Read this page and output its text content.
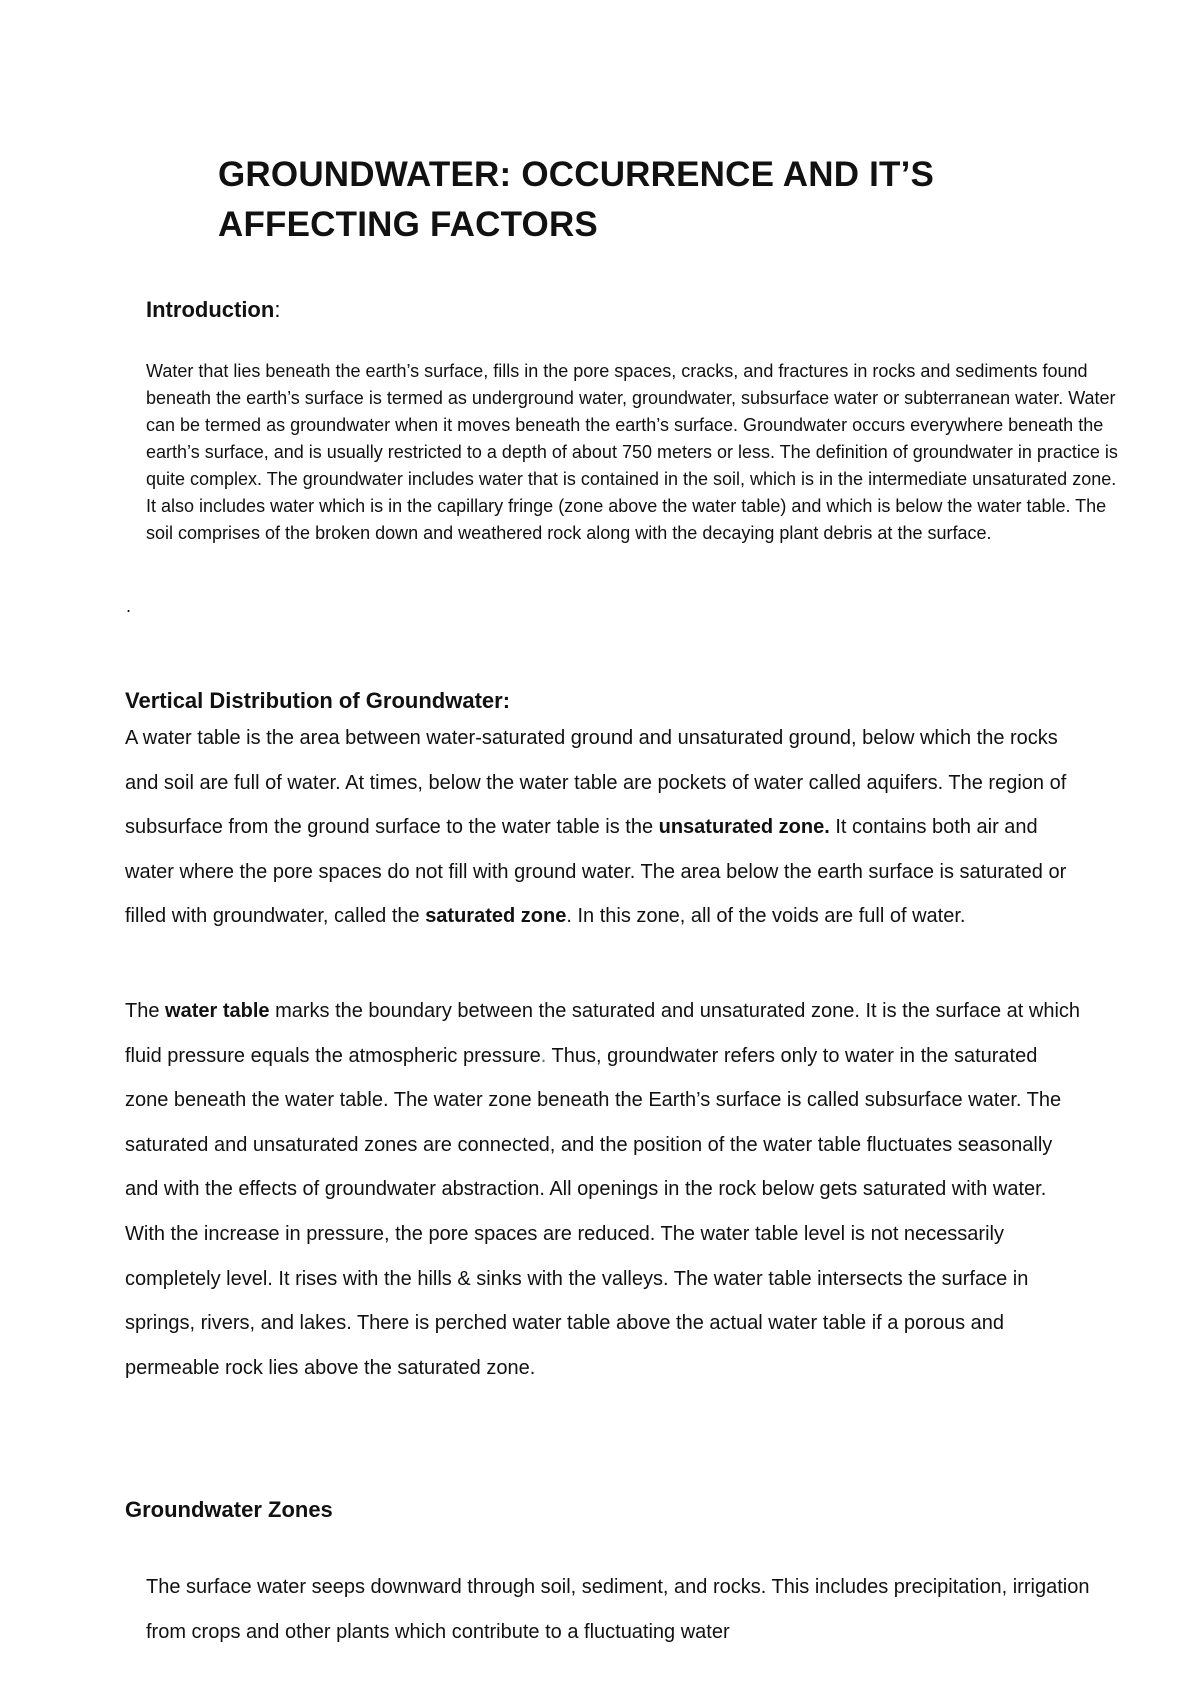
GROUNDWATER: OCCURRENCE AND IT’S AFFECTING FACTORS
Introduction:

Water that lies beneath the earth’s surface, fills in the pore spaces, cracks, and fractures in rocks and sediments found beneath the earth’s surface is termed as underground water, groundwater, subsurface water or subterranean water. Water can be termed as groundwater when it moves beneath the earth’s surface. Groundwater occurs everywhere beneath the earth’s surface, and is usually restricted to a depth of about 750 meters or less. The definition of groundwater in practice is quite complex. The groundwater includes water that is contained in the soil, which is in the intermediate unsaturated zone. It also includes water which is in the capillary fringe (zone above the water table) and which is below the water table. The soil comprises of the broken down and weathered rock along with the decaying plant debris at the surface.

.

Vertical Distribution of Groundwater:

A water table is the area between water-saturated ground and unsaturated ground, below which the rocks and soil are full of water. At times, below the water table are pockets of water called aquifers. The region of subsurface from the ground surface to the water table is the unsaturated zone. It contains both air and water where the pore spaces do not fill with ground water. The area below the earth surface is saturated or filled with groundwater, called the saturated zone. In this zone, all of the voids are full of water.

The water table marks the boundary between the saturated and unsaturated zone. It is the surface at which fluid pressure equals the atmospheric pressure. Thus, groundwater refers only to water in the saturated zone beneath the water table. The water zone beneath the Earth’s surface is called subsurface water. The saturated and unsaturated zones are connected, and the position of the water table fluctuates seasonally and with the effects of groundwater abstraction. All openings in the rock below gets saturated with water. With the increase in pressure, the pore spaces are reduced. The water table level is not necessarily completely level. It rises with the hills & sinks with the valleys. The water table intersects the surface in springs, rivers, and lakes. There is perched water table above the actual water table if a porous and permeable rock lies above the saturated zone.

Groundwater Zones

The surface water seeps downward through soil, sediment, and rocks. This includes precipitation, irrigation from crops and other plants which contribute to a fluctuating water
